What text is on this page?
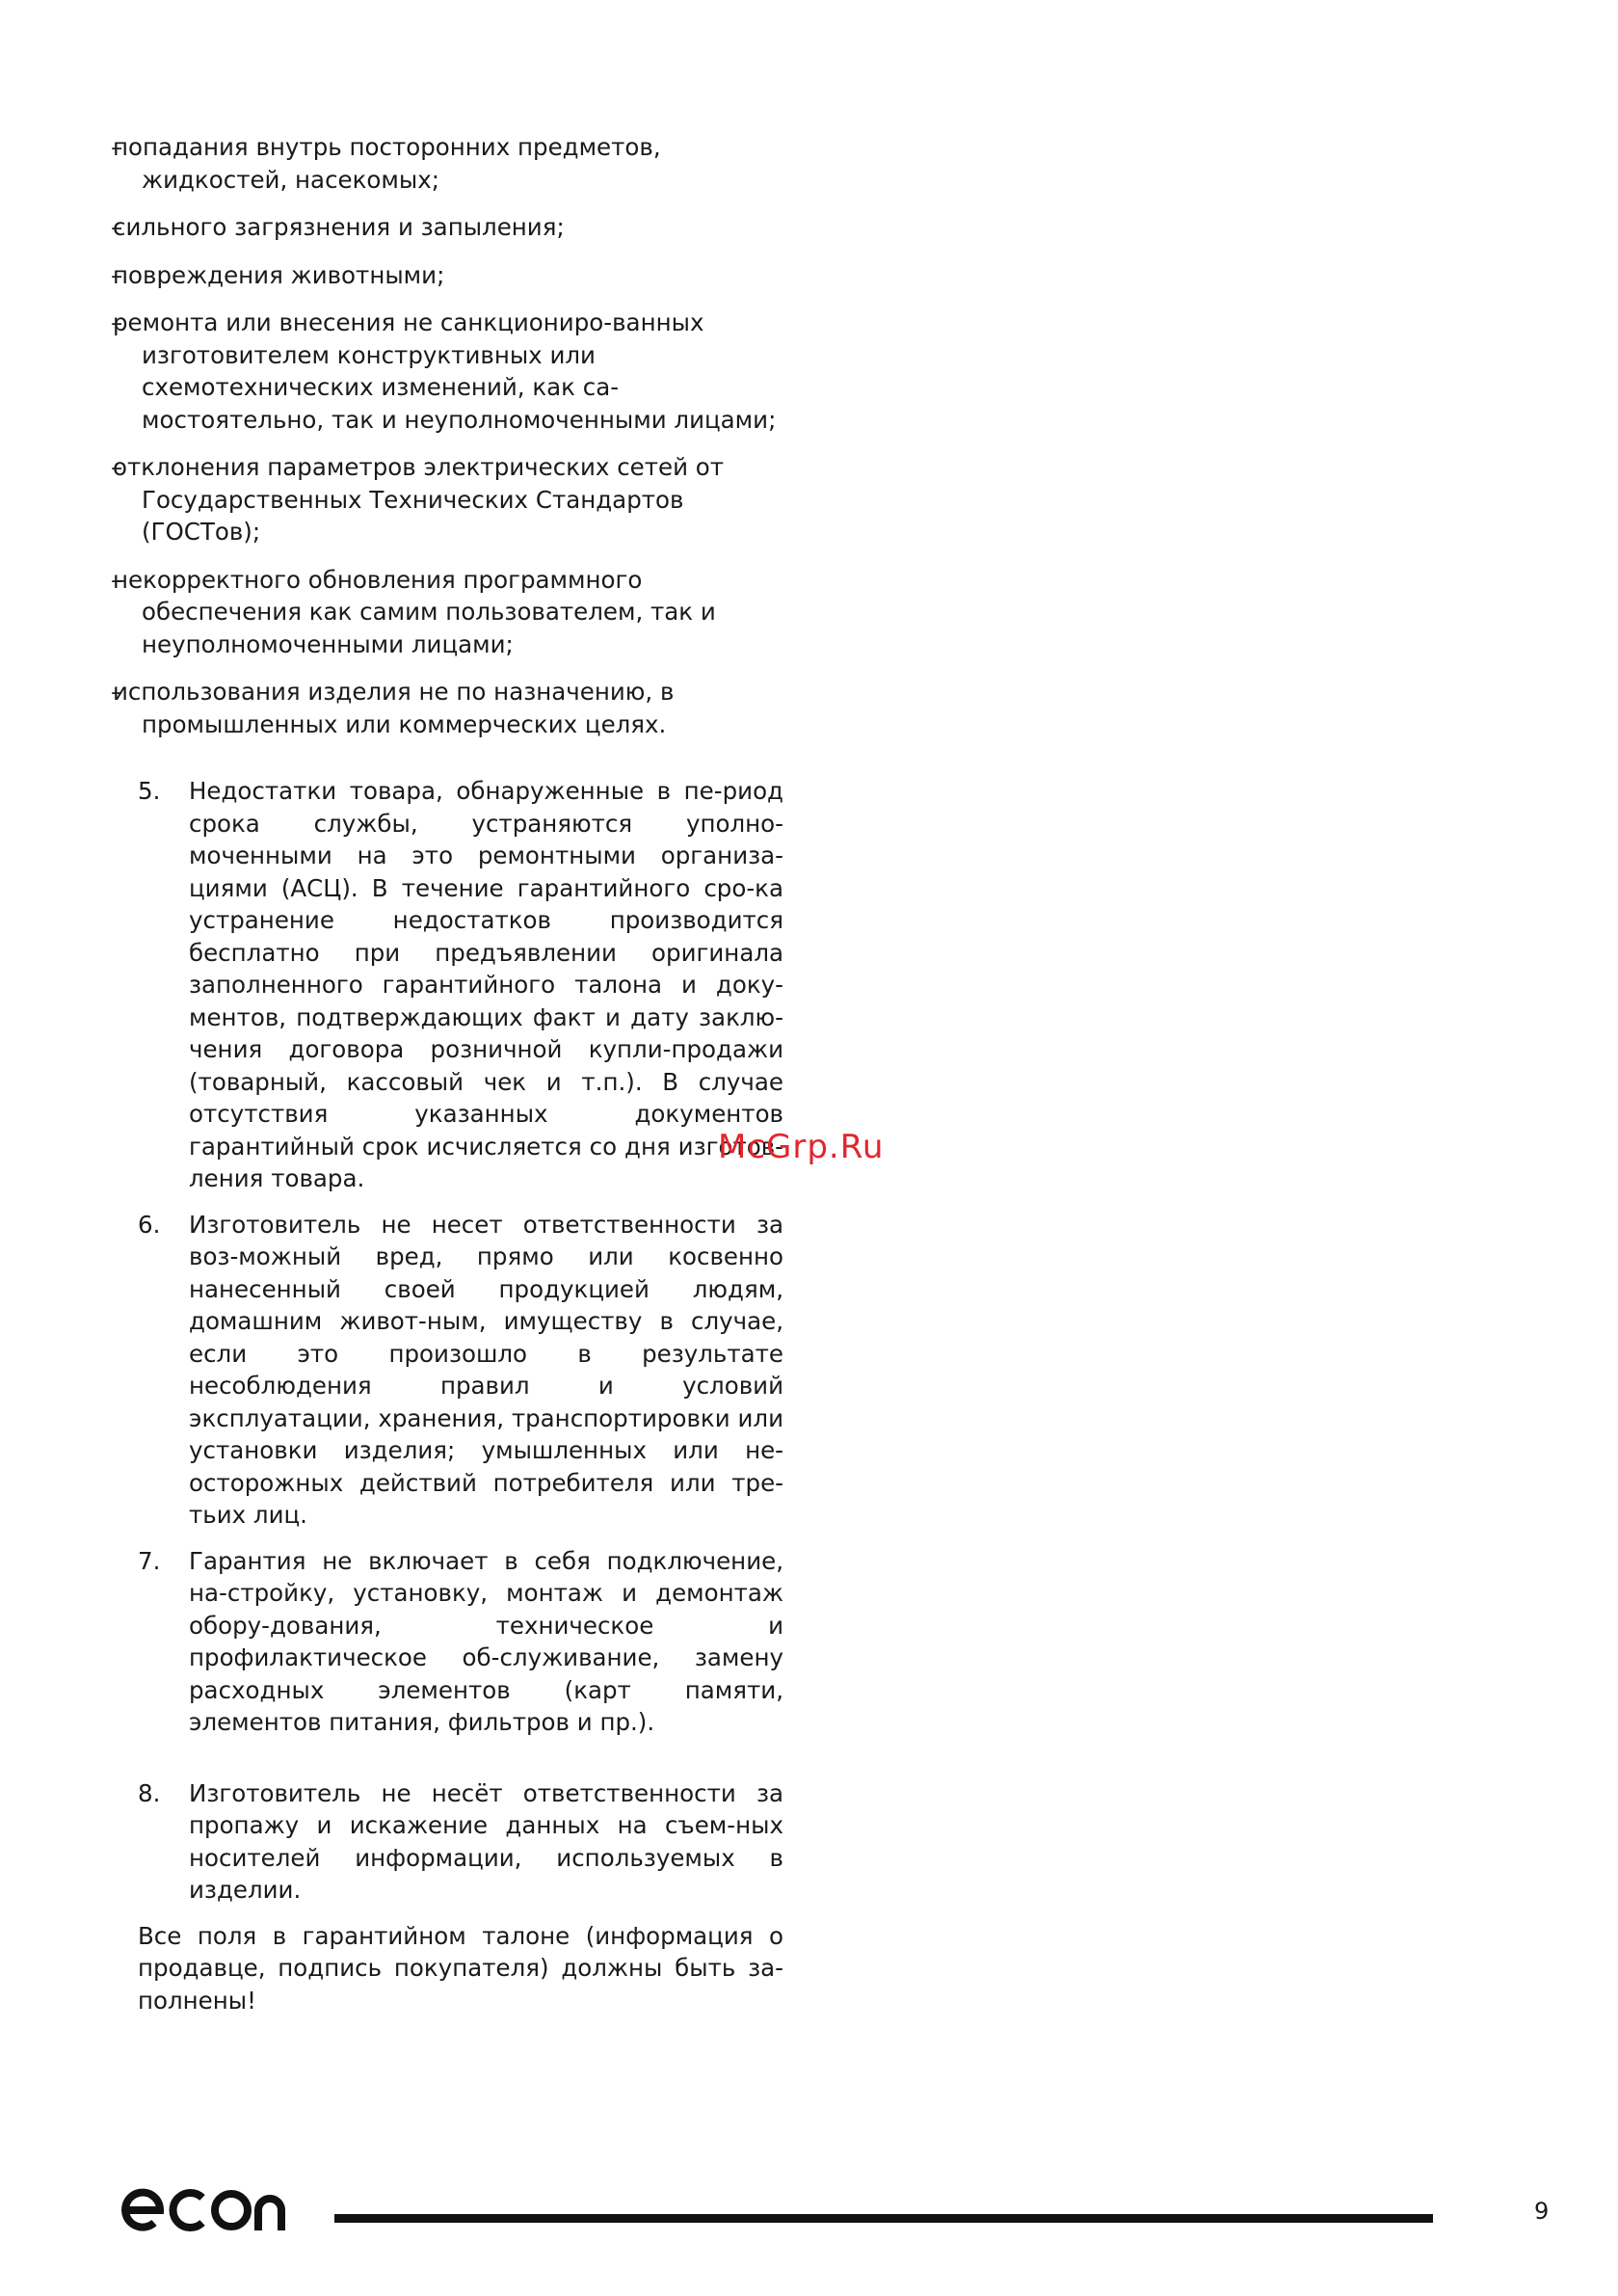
– попадания внутрь посторонних предметов, жидкостей, насекомых;
– сильного загрязнения и запыления;
– повреждения животными;
– ремонта или внесения не санкциониро-ванных изготовителем конструктивных или схемотехнических изменений, как са-мостоятельно, так и неуполномоченными лицами;
– отклонения параметров электрических сетей от Государственных Технических Стандартов (ГОСТов);
– некорректного обновления программного обеспечения как самим пользователем, так и неуполномоченными лицами;
– использования изделия не по назначению, в промышленных или коммерческих целях.
5. Недостатки товара, обнаруженные в пе-риод срока службы, устраняются уполно-моченными на это ремонтными организа-циями (АСЦ). В течение гарантийного сро-ка устранение недостатков производится бесплатно при предъявлении оригинала заполненного гарантийного талона и доку-ментов, подтверждающих факт и дату заклю-чения договора розничной купли-продажи (товарный, кассовый чек и т.п.). В случае отсутствия указанных документов гарантийный срок исчисляется со дня изготов-ления товара.
6. Изготовитель не несет ответственности за воз-можный вред, прямо или косвенно нанесенный своей продукцией людям, домашним живот-ным, имуществу в случае, если это произошло в результате несоблюдения правил и условий эксплуатации, хранения, транспортировки или установки изделия; умышленных или не-осторожных действий потребителя или тре-тьих лиц.
7. Гарантия не включает в себя подключение, на-стройку, установку, монтаж и демонтаж обору-дования, техническое и профилактическое об-служивание, замену расходных элементов (карт памяти, элементов питания, фильтров и пр.).
8. Изготовитель не несёт ответственности за пропажу и искажение данных на съем-ных носителей информации, используемых в изделии.
Все поля в гарантийном талоне (информация о продавце, подпись покупателя) должны быть за-полнены!
McGrp.Ru
9
